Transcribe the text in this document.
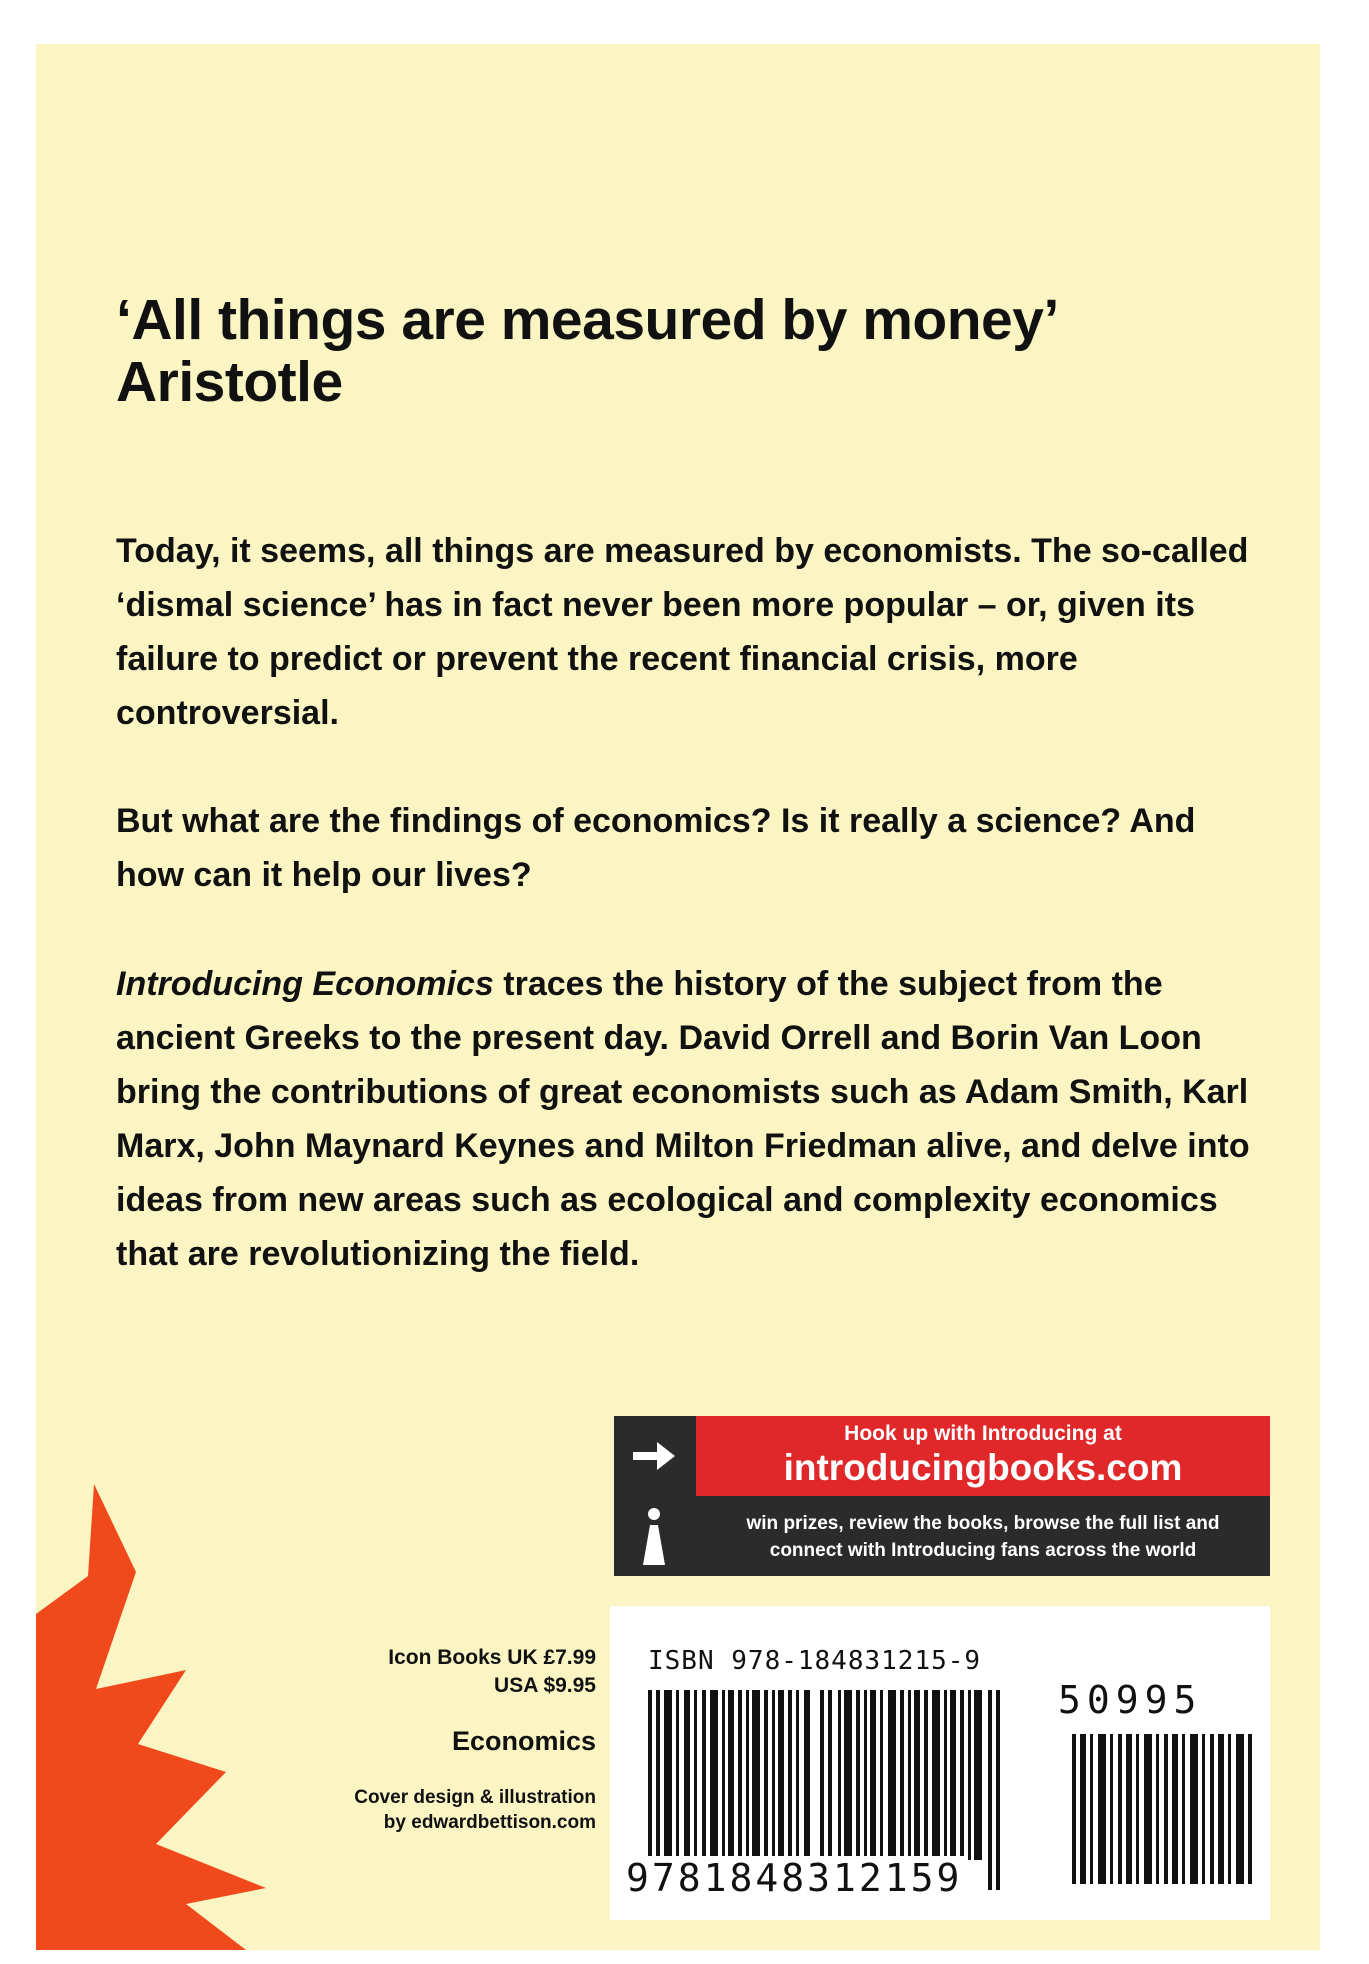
‘All things are measured by money’
Aristotle

Today, it seems, all things are measured by economists. The so-called ‘dismal science’ has in fact never been more popular – or, given its failure to predict or prevent the recent financial crisis, more controversial.

But what are the findings of economics? Is it really a science? And how can it help our lives?

Introducing Economics traces the history of the subject from the ancient Greeks to the present day. David Orrell and Borin Van Loon bring the contributions of great economists such as Adam Smith, Karl Marx, John Maynard Keynes and Milton Friedman alive, and delve into ideas from new areas such as ecological and complexity economics that are revolutionizing the field.

Hook up with Introducing at
introducingbooks.com
win prizes, review the books, browse the full list and
connect with Introducing fans across the world
Icon Books UK £7.99
USA $9.95
Economics
Cover design & illustration
by edwardbettison.com
ISBN 978-184831215-9
50995
9781848312159
